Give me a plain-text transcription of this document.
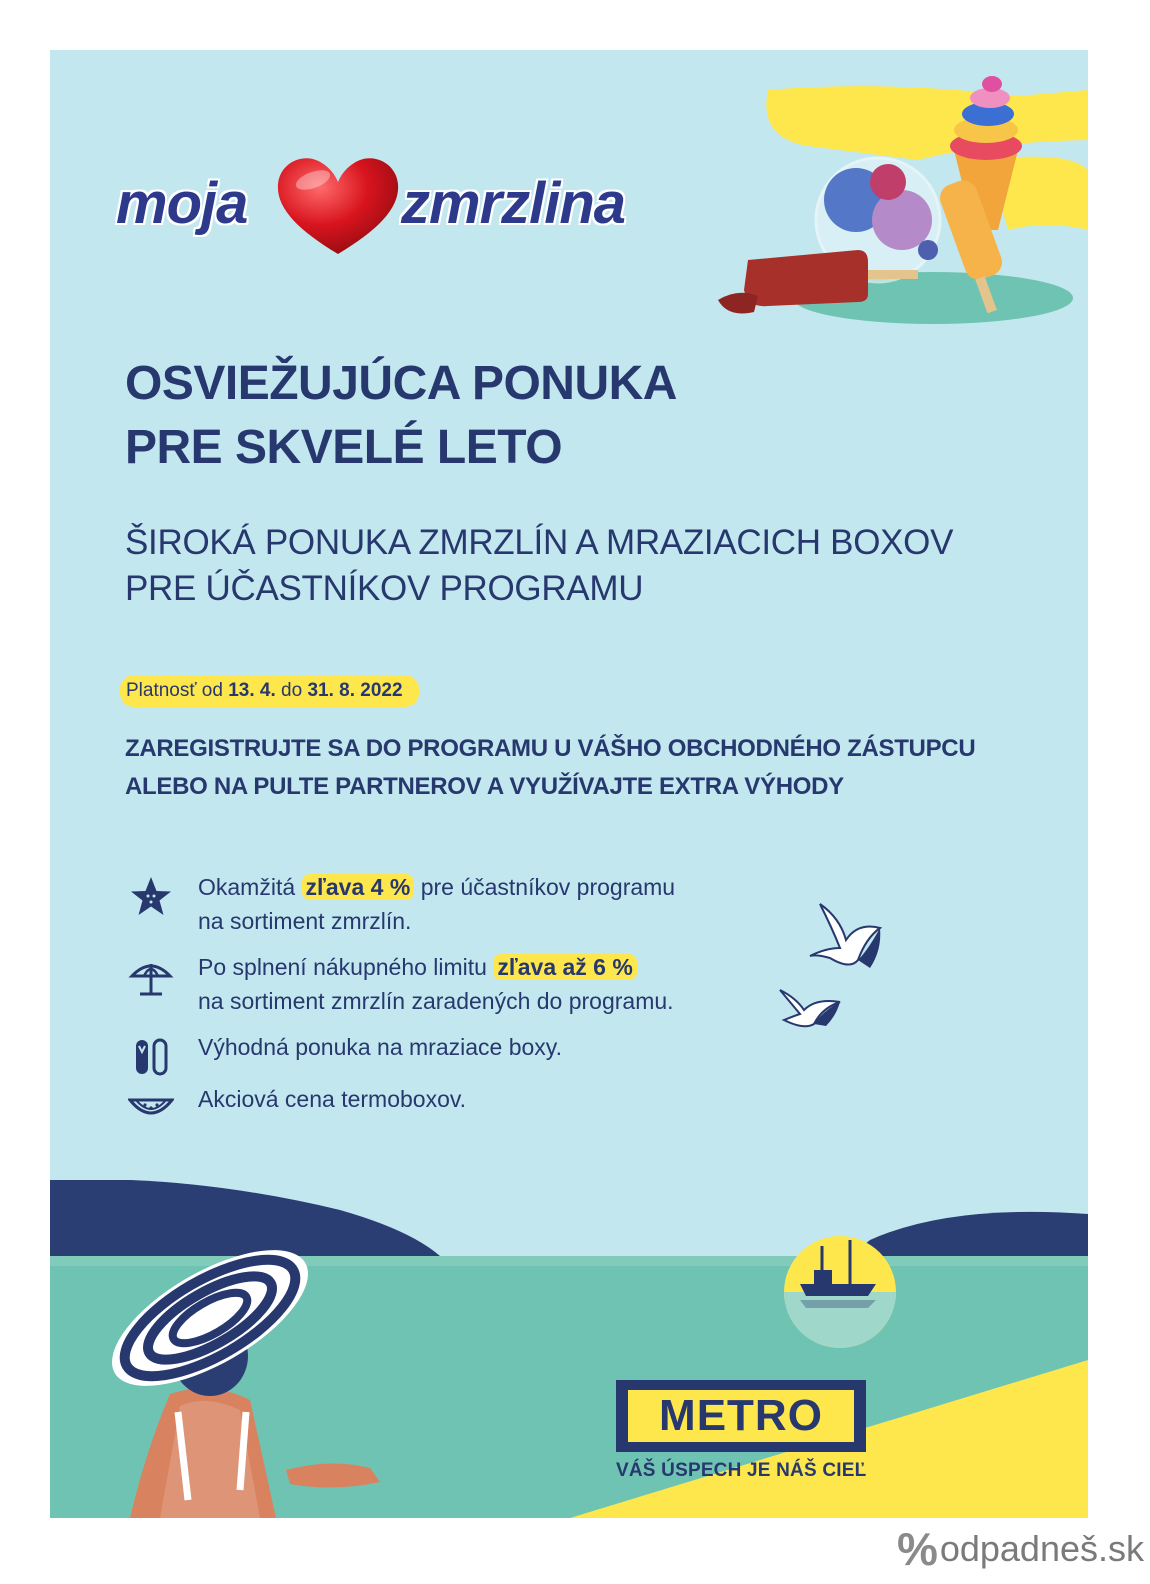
moja	zmrzlina
OSVIEŽUJÚCA PONUKA
PRE SKVELÉ LETO
ŠIROKÁ PONUKA ZMRZLÍN A MRAZIACICH BOXOV
PRE ÚČASTNÍKOV PROGRAMU
Platnosť od 13. 4. do 31. 8. 2022

ZAREGISTRUJTE SA DO PROGRAMU U VÁŠHO OBCHODNÉHO ZÁSTUPCU
ALEBO NA PULTE PARTNEROV A VYUŽÍVAJTE EXTRA VÝHODY

Okamžitá zľava 4 % pre účastníkov programu
na sortiment zmrzlín.
Po splnení nákupného limitu zľava až 6 %
na sortiment zmrzlín zaradených do programu.
Výhodná ponuka na mraziace boxy.
Akciová cena termoboxov.
METRO
VÁŠ ÚSPECH JE NÁŠ CIEĽ
% odpadneš.sk
